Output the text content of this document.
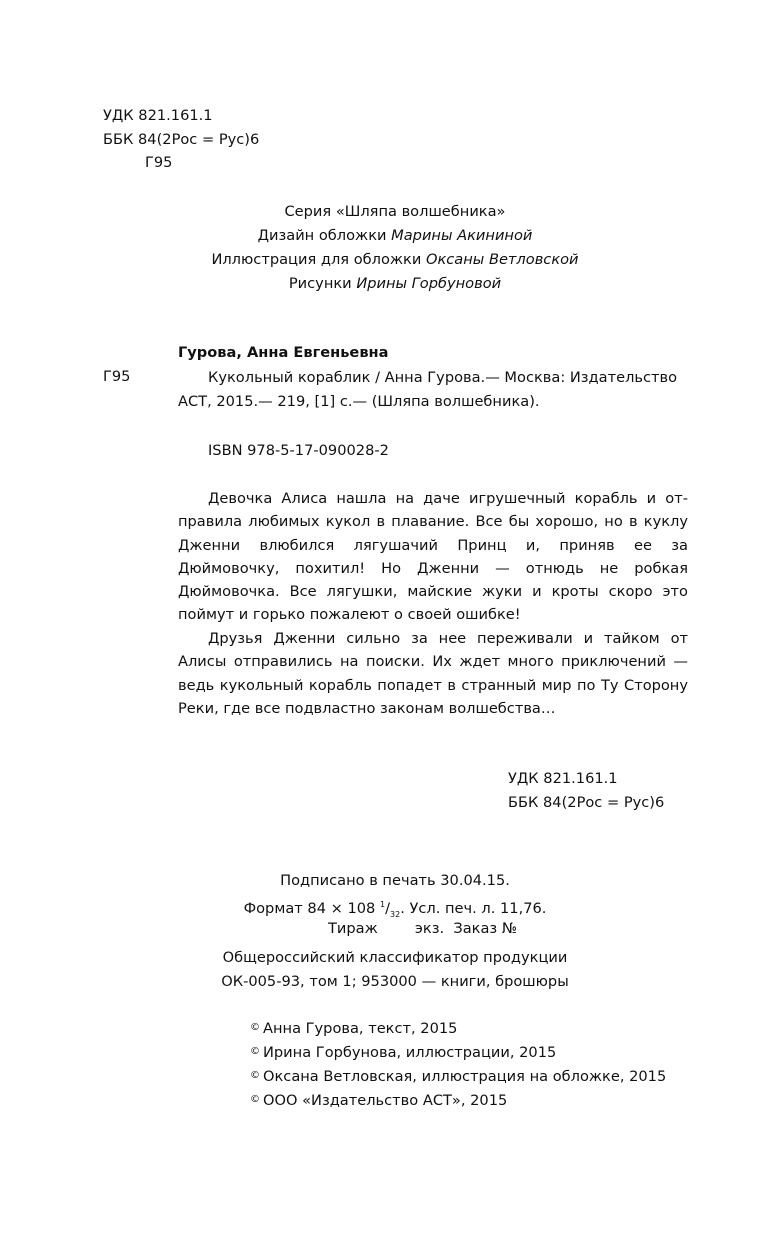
УДК 821.161.1
ББК 84(2Рос = Рус)6
Г95
Серия «Шляпа волшебника»
Дизайн обложки Марины Акининой
Иллюстрация для обложки Оксаны Ветловской
Рисунки Ирины Горбуновой
Гурова, Анна Евгеньевна
Г95	Кукольный кораблик / Анна Гурова.— Москва: Издательство
АСТ, 2015.— 219, [1] с.— (Шляпа волшебника).
ISBN 978-5-17-090028-2
Девочка Алиса нашла на даче игрушечный корабль и отправила любимых кукол в плавание. Все бы хорошо, но в куклу Дженни влюбился лягушачий Принц и, приняв ее за Дюймовочку, похитил! Но Дженни — отнюдь не робкая Дюймовочка. Все лягушки, майские жуки и кроты скоро это поймут и горько пожалеют о своей ошибке!
Друзья Дженни сильно за нее переживали и тайком от Алисы отправились на поиски. Их ждет много приключений — ведь кукольный корабль попадет в странный мир по Ту Сторону Реки, где все подвластно законам волшебства…
УДК 821.161.1
ББК 84(2Рос = Рус)6
Подписано в печать 30.04.15.
Формат 84 × 108 $^1/_{32}$. Усл. печ. л. 11,76.
Тираж        экз.  Заказ №
Общероссийский классификатор продукции
ОК-005-93, том 1; 953000 — книги, брошюры
© Анна Гурова, текст, 2015
© Ирина Горбунова, иллюстрации, 2015
© Оксана Ветловская, иллюстрация на обложке, 2015
© ООО «Издательство АСТ», 2015
